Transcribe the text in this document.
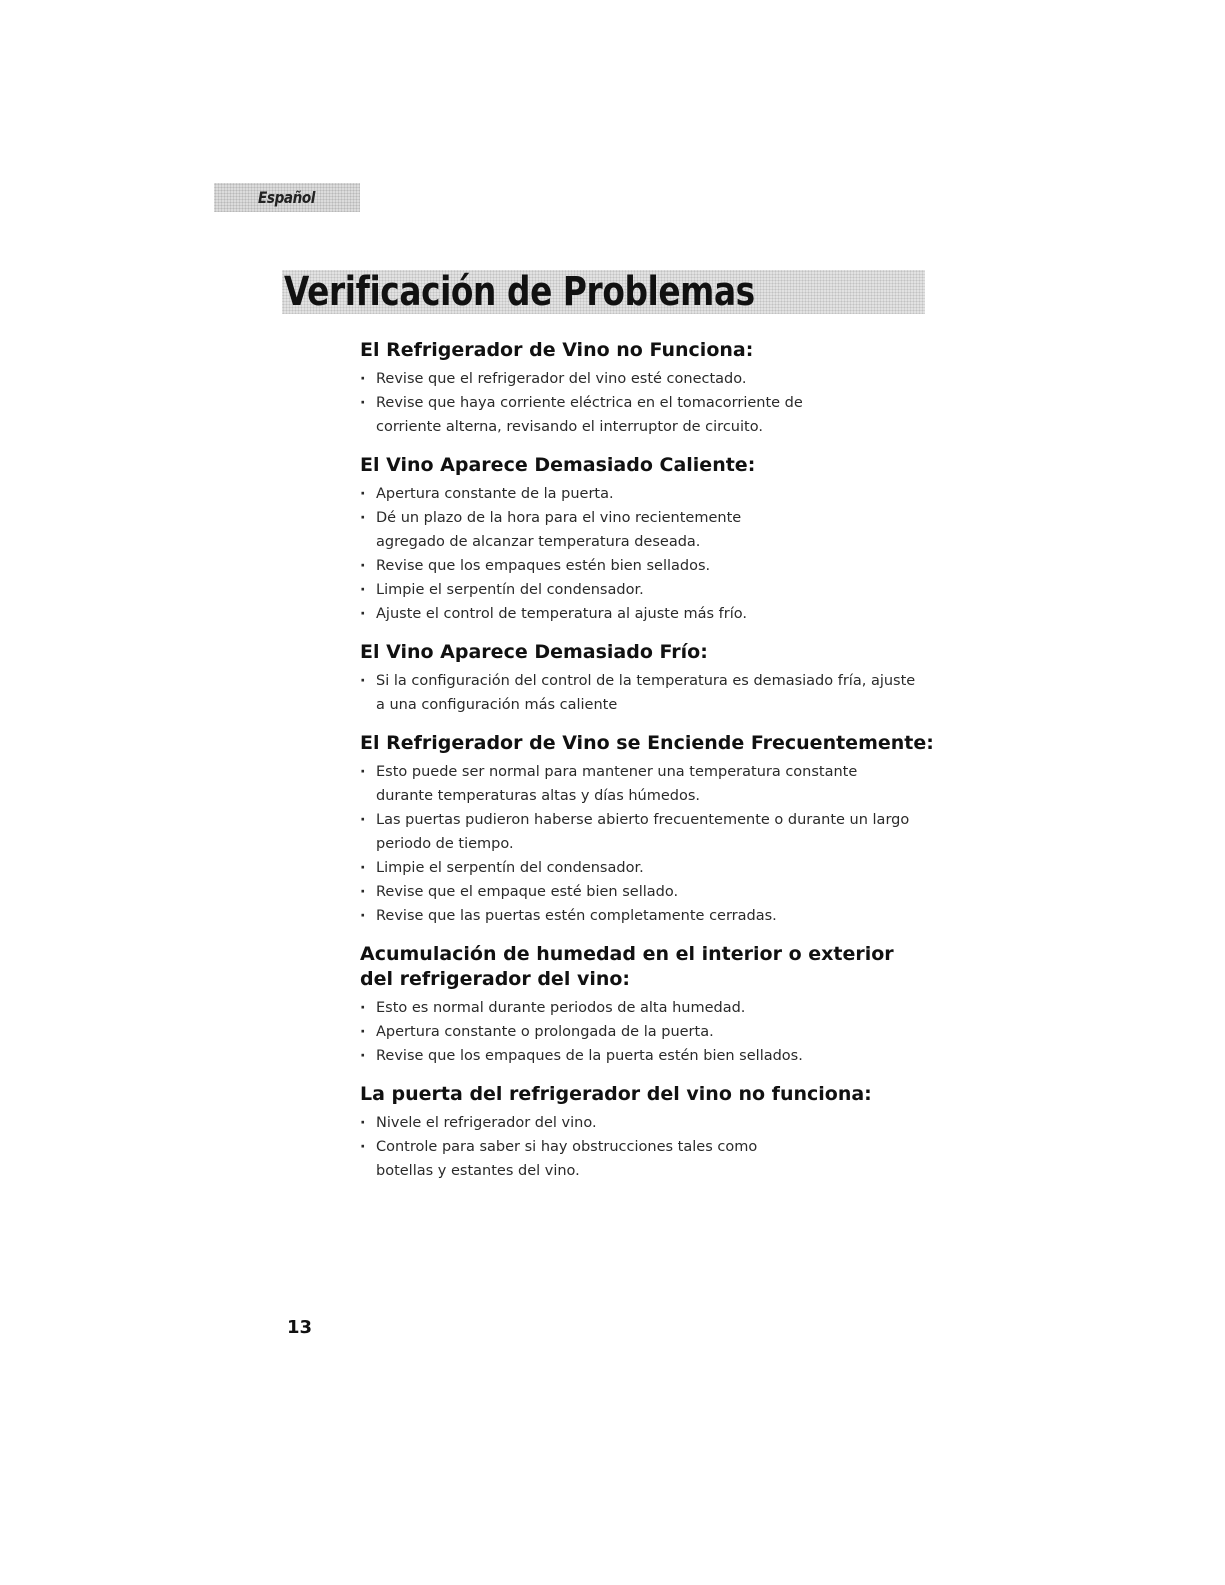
Español
Verificación de Problemas
El Refrigerador de Vino no Funciona:
· Revise que el refrigerador del vino esté conectado.
· Revise que haya corriente eléctrica en el tomacorriente de corriente alterna, revisando el interruptor de circuito.
El Vino Aparece Demasiado Caliente:
· Apertura constante de la puerta.
· Dé un plazo de la hora para el vino recientemente agregado de alcanzar temperatura deseada.
· Revise que los empaques estén bien sellados.
· Limpie el serpentín del condensador.
· Ajuste el control de temperatura al ajuste más frío.
El Vino Aparece Demasiado Frío:
· Si la configuración del control de la temperatura es demasiado fría, ajuste a una configuración más caliente
El Refrigerador de Vino se Enciende Frecuentemente:
· Esto puede ser normal para mantener una temperatura constante durante temperaturas altas y días húmedos.
· Las puertas pudieron haberse abierto frecuentemente o durante un largo periodo de tiempo.
· Limpie el serpentín del condensador.
· Revise que el empaque esté bien sellado.
· Revise que las puertas estén completamente cerradas.
Acumulación de humedad en el interior o exterior del refrigerador del vino:
· Esto es normal durante periodos de alta humedad.
· Apertura constante o prolongada de la puerta.
· Revise que los empaques de la puerta estén bien sellados.
La puerta del refrigerador del vino no funciona:
· Nivele el refrigerador del vino.
· Controle para saber si hay obstrucciones tales como botellas y estantes del vino.
13
